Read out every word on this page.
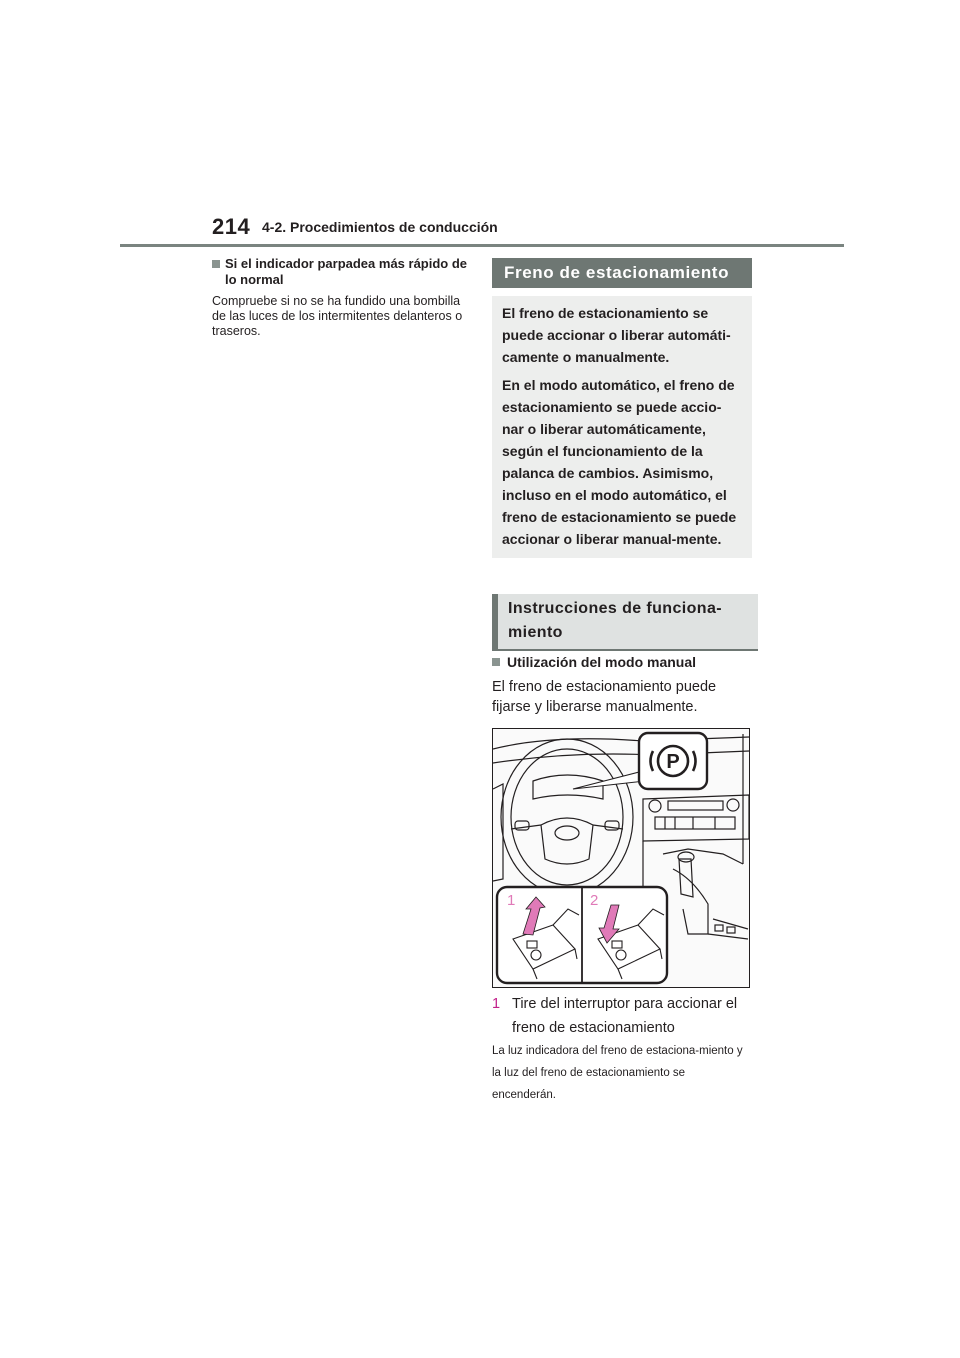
214 4-2. Procedimientos de conducción
Si el indicador parpadea más rápido de lo normal
Compruebe si no se ha fundido una bombilla de las luces de los intermitentes delanteros o traseros.
Freno de estacionamiento

El freno de estacionamiento se puede accionar o liberar automáti-camente o manualmente.

En el modo automático, el freno de estacionamiento se puede accio-nar o liberar automáticamente, según el funcionamiento de la palanca de cambios. Asimismo, incluso en el modo automático, el freno de estacionamiento se puede accionar o liberar manual-mente.

Instrucciones de funciona-miento
Utilización del modo manual
El freno de estacionamiento puede fijarse y liberarse manualmente.
P
1	2
1 Tire del interruptor para accionar el freno de estacionamiento
La luz indicadora del freno de estaciona-miento y la luz del freno de estacionamiento se encenderán.
